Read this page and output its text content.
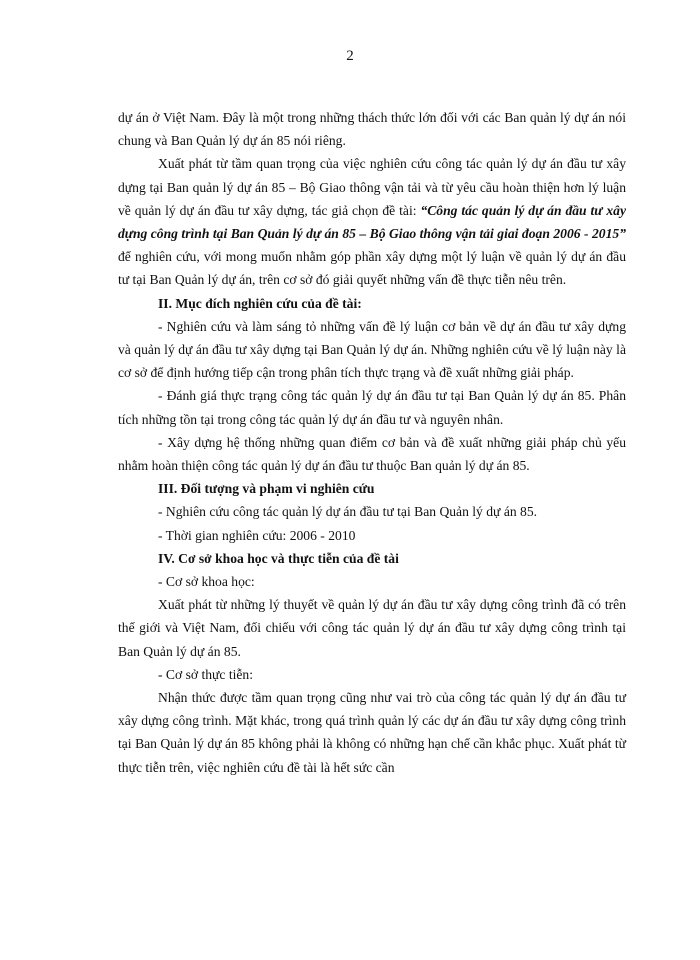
2

dự án ở Việt Nam. Đây là một trong những thách thức lớn đối với các Ban quản lý dự án nói chung và Ban Quản lý dự án 85 nói riêng.

Xuất phát từ tầm quan trọng của việc nghiên cứu công tác quản lý dự án đầu tư xây dựng tại Ban quản lý dự án 85 – Bộ Giao thông vận tải và từ yêu cầu hoàn thiện hơn lý luận về quản lý dự án đầu tư xây dựng, tác giả chọn đề tài: “Công tác quản lý dự án đầu tư xây dựng công trình tại Ban Quản lý dự án 85 – Bộ Giao thông vận tải giai đoạn 2006 - 2015” để nghiên cứu, với mong muốn nhằm góp phần xây dựng một lý luận về quản lý dự án đầu tư tại Ban Quản lý dự án, trên cơ sở đó giải quyết những vấn đề thực tiễn nêu trên.

II. Mục đích nghiên cứu của đề tài:

- Nghiên cứu và làm sáng tỏ những vấn đề lý luận cơ bản về dự án đầu tư xây dựng và quản lý dự án đầu tư xây dựng tại Ban Quản lý dự án. Những nghiên cứu về lý luận này là cơ sở để định hướng tiếp cận trong phân tích thực trạng và đề xuất những giải pháp.

- Đánh giá thực trạng công tác quản lý dự án đầu tư tại Ban Quản lý dự án 85. Phân tích những tồn tại trong công tác quản lý dự án đầu tư và nguyên nhân.

- Xây dựng hệ thống những quan điểm cơ bản và đề xuất những giải pháp chủ yếu nhằm hoàn thiện công tác quản lý dự án đầu tư thuộc Ban quản lý dự án 85.

III. Đối tượng và phạm vi nghiên cứu

- Nghiên cứu công tác quản lý dự án đầu tư tại Ban Quản lý dự án 85.

- Thời gian nghiên cứu: 2006 - 2010

IV. Cơ sở khoa học và thực tiễn của đề tài

- Cơ sở khoa học:

Xuất phát từ những lý thuyết về quản lý dự án đầu tư xây dựng công trình đã có trên thế giới và Việt Nam, đối chiếu với công tác quản lý dự án đầu tư xây dựng công trình tại Ban Quản lý dự án 85.

- Cơ sở thực tiễn:

Nhận thức được tầm quan trọng cũng như vai trò của công tác quản lý dự án đầu tư xây dựng công trình. Mặt khác, trong quá trình quản lý các dự án đầu tư xây dựng công trình tại Ban Quản lý dự án 85 không phải là không có những hạn chế cần khắc phục. Xuất phát từ thực tiễn trên, việc nghiên cứu đề tài là hết sức cần
